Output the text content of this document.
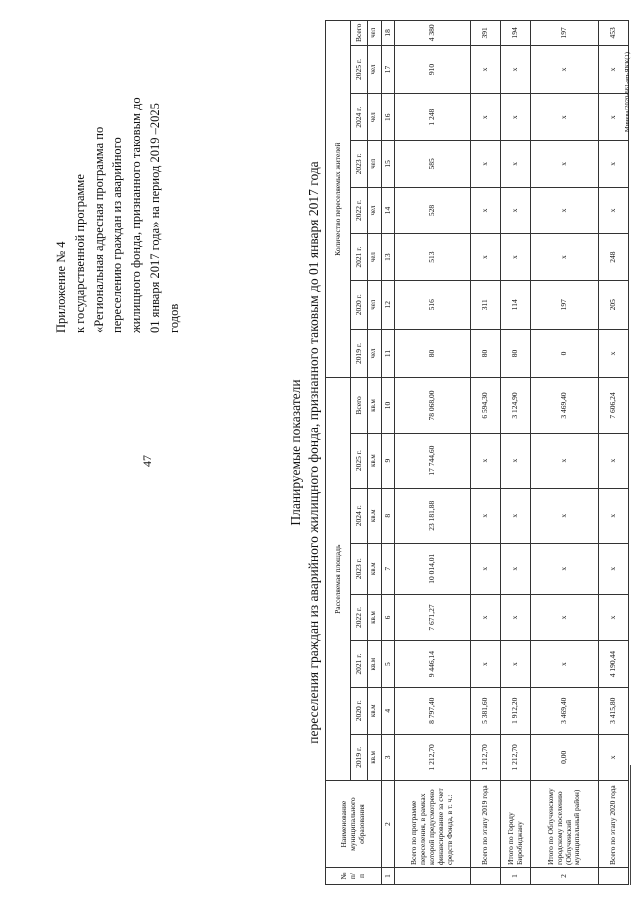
47
Приложение № 4 к государственной программе «Региональная адресная программа по переселению граждан из аварийного жилищного фонда, признанного таковым до 01 января 2017 года» на период 2019 –2025 годов
Планируемые показатели переселения граждан из аварийного жилищного фонда, признанного таковым до 01 января 2017 года
№ п/ п	Наименование муниципального образования	Расселяемая площадь								Количество переселяемых жителей							
		2019 г.	2020 г.	2021 г.	2022 г.	2023 г.	2024 г.	2025 г.	Всего	2019 г.	2020 г.	2021 г.	2022 г.	2023 г.	2024 г.	2025 г.	Всего
		кв.м	кв.м	кв.м	кв.м	кв.м	кв.м	кв.м	кв.м	чел	чел	чел	чел	чел	чел	чел	чел
1	2	3	4	5	6	7	8	9	10	11	12	13	14	15	16	17	18
	Всего по программе переселения, в рамках которой предусмотрено финансирование за счет средств Фонда, в т. ч.:	1 212,70	8 797,40	9 446,14	7 671,27	10 014,01	23 181,88	17 744,60	78 068,00	80	516	513	528	585	1 248	910	4 380
	Всего по этапу 2019 года	1 212,70	5 381,60	x	x	x	x	x	6 594,30	80	311	x	x	x	x	x	391
1	Итого по Городу Биробиджану	1 212,70	1 912,20	x	x	x	x	x	3 124,90	80	114	x	x	x	x	x	194
2	Итого по Облученскому городскому поселению (Облученский муниципальный район)	0,00	3 469,40	x	x	x	x	x	3 469,40	0	197	x	x	x	x	x	197
	Всего по этапу 2020 года	x	3 415,80	4 190,44	x	x	x	x	7 606,24	x	205	248	x	x	x	x	453
Минева/2020-661-нп-ЯКК(1)
